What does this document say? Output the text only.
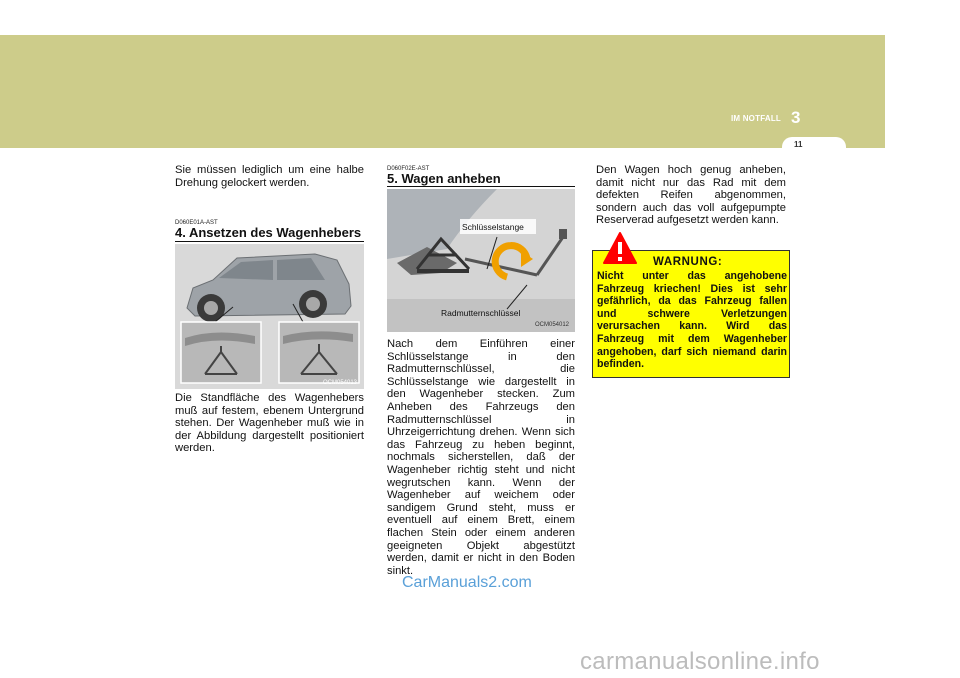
3
IM NOTFALL
11

Sie müssen lediglich um eine halbe Drehung gelockert werden.

D060E01A-AST
4. Ansetzen des Wagenhebers
OCM054013

Die Standfläche des Wagenhebers muß auf festem, ebenem Untergrund stehen. Der Wagenheber muß wie in der Abbildung dargestellt positioniert werden.

D060F02E-AST
5. Wagen anheben
Schlüsselstange
Radmutternschlüssel
OCM054012

Nach dem Einführen einer Schlüsselstange in den Radmutternschlüssel, die Schlüsselstange wie dargestellt in den Wagenheber stecken. Zum Anheben des Fahrzeugs den Radmutternschlüssel in Uhrzeigerrichtung drehen. Wenn sich das Fahrzeug zu heben beginnt, nochmals sicherstellen, daß der Wagenheber richtig steht und nicht wegrutschen kann. Wenn der Wagenheber auf weichem oder sandigem Grund steht, muss er eventuell auf einem Brett, einem flachen Stein oder einem anderen geeigneten Objekt abgestützt werden, damit er nicht in den Boden sinkt.

Den Wagen hoch genug anheben, damit nicht nur das Rad mit dem defekten Reifen abgenommen, sondern auch das voll aufgepumpte Reserverad aufgesetzt werden kann.

WARNUNG:

Nicht unter das angehobene Fahrzeug kriechen! Dies ist sehr gefährlich, da das Fahrzeug fallen und schwere Verletzungen verursachen kann. Wird das Fahrzeug mit dem Wagenheber angehoben, darf sich niemand darin befinden.

CarManuals2.com
carmanualsonline.info
